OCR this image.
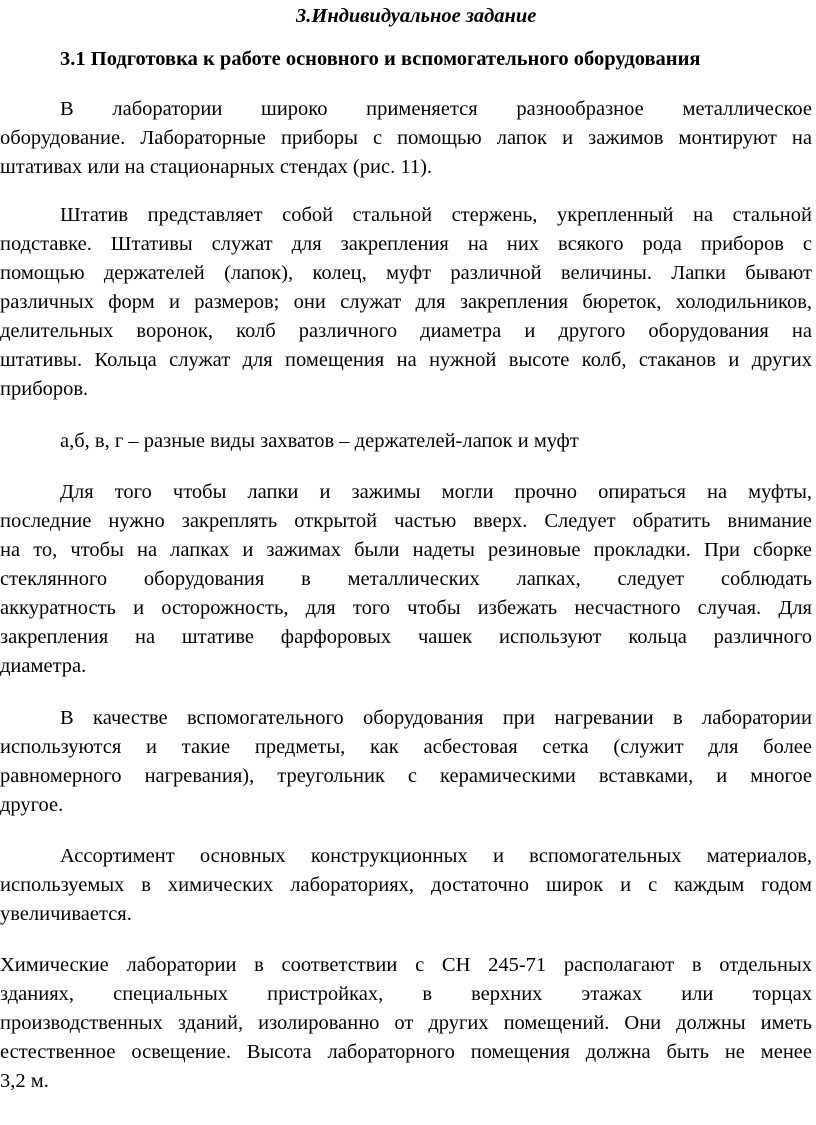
3.Индивидуальное задание
3.1 Подготовка к работе основного и вспомогательного оборудования
В лаборатории широко применяется разнообразное металлическое
оборудование. Лабораторные приборы с помощью лапок и зажимов монтируют на
штативах или на стационарных стендах (рис. 11).
Штатив представляет собой стальной стержень, укрепленный на стальной
подставке. Штативы служат для закрепления на них всякого рода приборов с
помощью держателей (лапок), колец, муфт различной величины. Лапки бывают
различных форм и размеров; они служат для закрепления бюреток, холодильников,
делительных воронок, колб различного диаметра и другого оборудования на
штативы. Кольца служат для помещения на нужной высоте колб, стаканов и других
приборов.
а,б, в, г – разные виды захватов – держателей-лапок и муфт
Для того чтобы лапки и зажимы могли прочно опираться на муфты,
последние нужно закреплять открытой частью вверх. Следует обратить внимание
на то, чтобы на лапках и зажимах были надеты резиновые прокладки. При сборке
стеклянного оборудования в металлических лапках, следует соблюдать
аккуратность и осторожность, для того чтобы избежать несчастного случая. Для
закрепления на штативе фарфоровых чашек используют кольца различного
диаметра.
В качестве вспомогательного оборудования при нагревании в лаборатории
используются и такие предметы, как асбестовая сетка (служит для более
равномерного нагревания), треугольник с керамическими вставками, и многое
другое.
Ассортимент основных конструкционных и вспомогательных материалов,
используемых в химических лабораториях, достаточно широк и с каждым годом
увеличивается.
Химические лаборатории в соответствии с СН 245-71 располагают в отдельных
зданиях, специальных пристройках, в верхних этажах или торцах
производственных зданий, изолированно от других помещений. Они должны иметь
естественное освещение. Высота лабораторного помещения должна быть не менее
3,2 м.
